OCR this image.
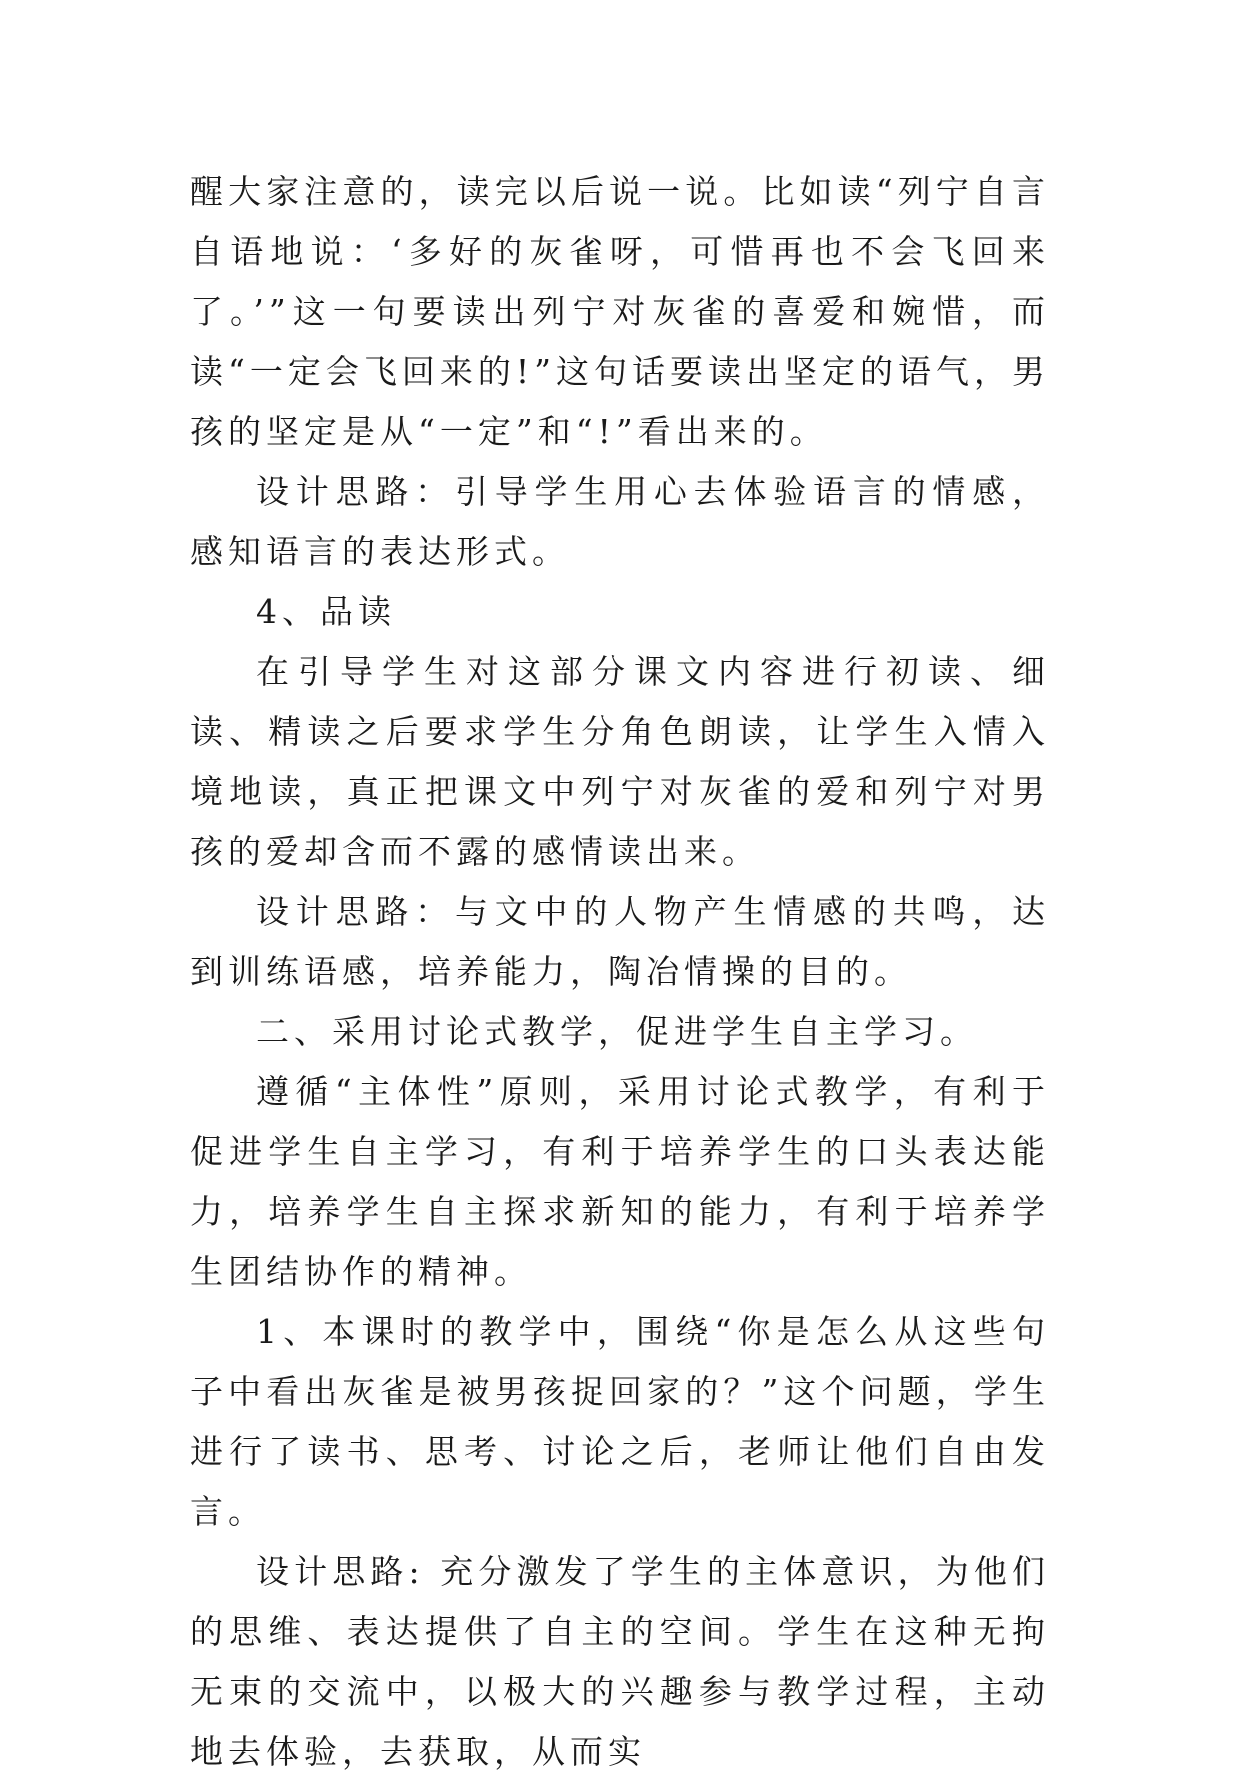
醒大家注意的，读完以后说一说。比如读“列宁自言自语地说：‘多好的灰雀呀，可惜再也不会飞回来了。’”这一句要读出列宁对灰雀的喜爱和婉惜，而读“一定会飞回来的!”这句话要读出坚定的语气，男孩的坚定是从“一定”和“!”看出来的。

设计思路：引导学生用心去体验语言的情感，感知语言的表达形式。

4、品读

在引导学生对这部分课文内容进行初读、细读、精读之后要求学生分角色朗读，让学生入情入境地读，真正把课文中列宁对灰雀的爱和列宁对男孩的爱却含而不露的感情读出来。

设计思路：与文中的人物产生情感的共鸣，达到训练语感，培养能力，陶冶情操的目的。

二、采用讨论式教学，促进学生自主学习。

遵循“主体性”原则，采用讨论式教学，有利于促进学生自主学习，有利于培养学生的口头表达能力，培养学生自主探求新知的能力，有利于培养学生团结协作的精神。

1、本课时的教学中，围绕“你是怎么从这些句子中看出灰雀是被男孩捉回家的？”这个问题，学生进行了读书、思考、讨论之后，老师让他们自由发言。

设计思路: 充分激发了学生的主体意识，为他们的思维、表达提供了自主的空间。学生在这种无拘无束的交流中，以极大的兴趣参与教学过程，主动地去体验，去获取，从而实
